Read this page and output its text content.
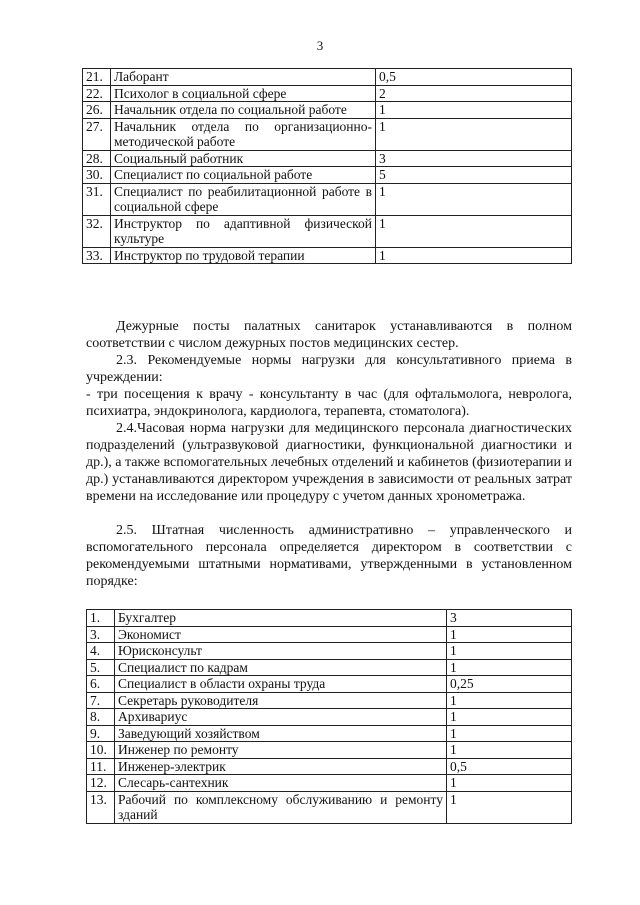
3
21.	Лаборант	0,5
22.	Психолог в социальной сфере	2
26.	Начальник отдела по социальной работе	1
27.	Начальник отдела по организационно-методической работе	1
28.	Социальный работник	3
30.	Специалист по социальной работе	5
31.	Специалист по реабилитационной работе в социальной сфере	1
32.	Инструктор по адаптивной физической культуре	1
33.	Инструктор по трудовой терапии	1

Дежурные посты палатных санитарок устанавливаются в полном соответствии с числом дежурных постов медицинских сестер.

2.3. Рекомендуемые нормы нагрузки для консультативного приема в учреждении:

- три посещения к врачу - консультанту в час (для офтальмолога, невролога, психиатра, эндокринолога, кардиолога, терапевта, стоматолога).

2.4.Часовая норма нагрузки для медицинского персонала диагностических подразделений (ультразвуковой диагностики, функциональной диагностики и др.), а также вспомогательных лечебных отделений и кабинетов (физиотерапии и др.) устанавливаются директором учреждения в зависимости от реальных затрат времени на исследование или процедуру с учетом данных хронометража.

2.5. Штатная численность административно – управленческого и вспомогательного персонала определяется директором в соответствии с рекомендуемыми штатными нормативами, утвержденными в установленном порядке:

1.	Бухгалтер	3
3.	Экономист	1
4.	Юрисконсульт	1
5.	Специалист по кадрам	1
6.	Специалист в области охраны труда	0,25
7.	Секретарь руководителя	1
8.	Архивариус	1
9.	Заведующий хозяйством	1
10.	Инженер по ремонту	1
11.	Инженер-электрик	0,5
12.	Слесарь-сантехник	1
13.	Рабочий по комплексному обслуживанию и ремонту зданий	1
